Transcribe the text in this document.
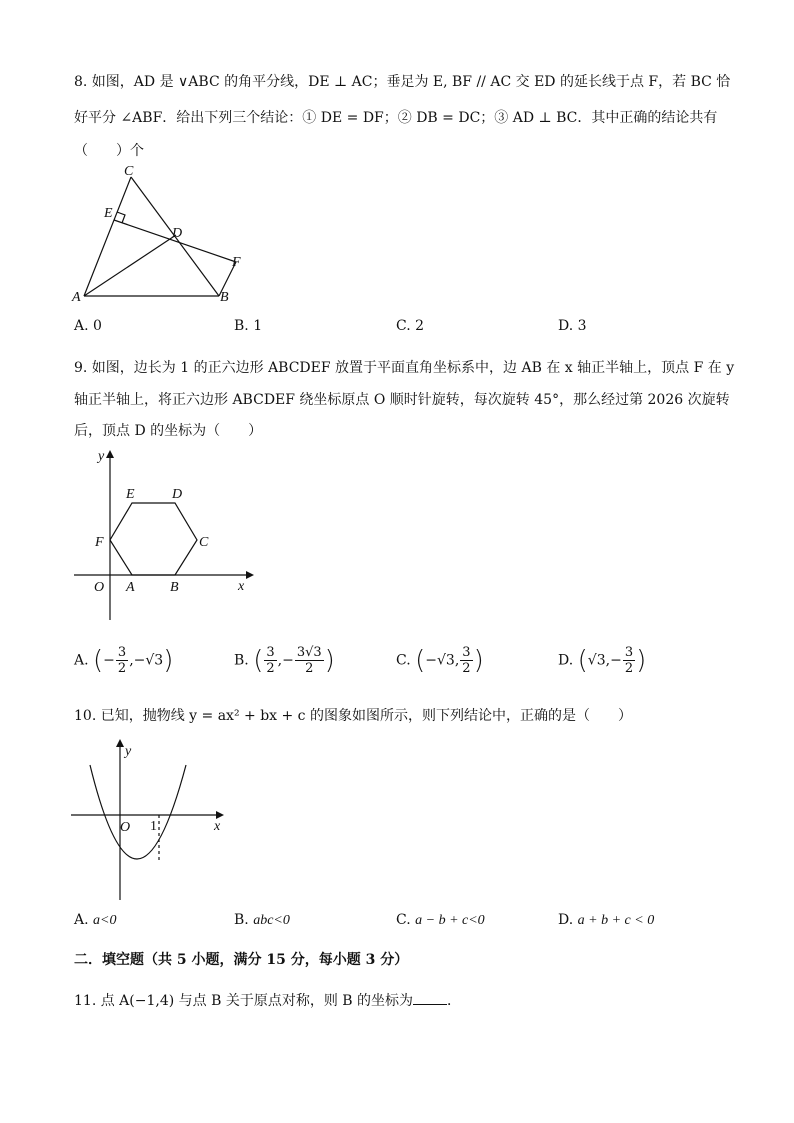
8. 如图，AD 是 ∨ABC 的角平分线，DE ⊥ AC；垂足为 E, BF // AC 交 ED 的延长线于点 F，若 BC 恰
好平分 ∠ABF．给出下列三个结论：① DE = DF；② DB = DC；③ AD ⊥ BC．其中正确的结论共有
（　　）个
C
E
D
F
A	B
A. 0	B. 1	C. 2	D. 3
9. 如图，边长为 1 的正六边形 ABCDEF 放置于平面直角坐标系中，边 AB 在 x 轴正半轴上，顶点 F 在 y
轴正半轴上，将正六边形 ABCDEF 绕坐标原点 O 顺时针旋转，每次旋转 45°，那么经过第 2026 次旋转
后，顶点 D 的坐标为（　　）
y
x
O A	B
C
D
E
F
A. (− $\frac{3}{2} ,-√3$)	B. ( $\frac{3}{2}$ ,− $\frac{3√3}{2}$ )	C. (−√3, $\frac{3}{2}$ )	D. ($√3,- \frac{3}{2}$ )
10. 已知，抛物线 y = ax² + bx + c 的图象如图所示，则下列结论中，正确的是（　　）
y
x
O 1
A. a<0	B. abc<0	C. a − b + c<0	D. a + b + c < 0
二．填空题（共 5 小题，满分 15 分，每小题 3 分）
11. 点 A(−1,4) 与点 B 关于原点对称，则 B 的坐标为 ．
